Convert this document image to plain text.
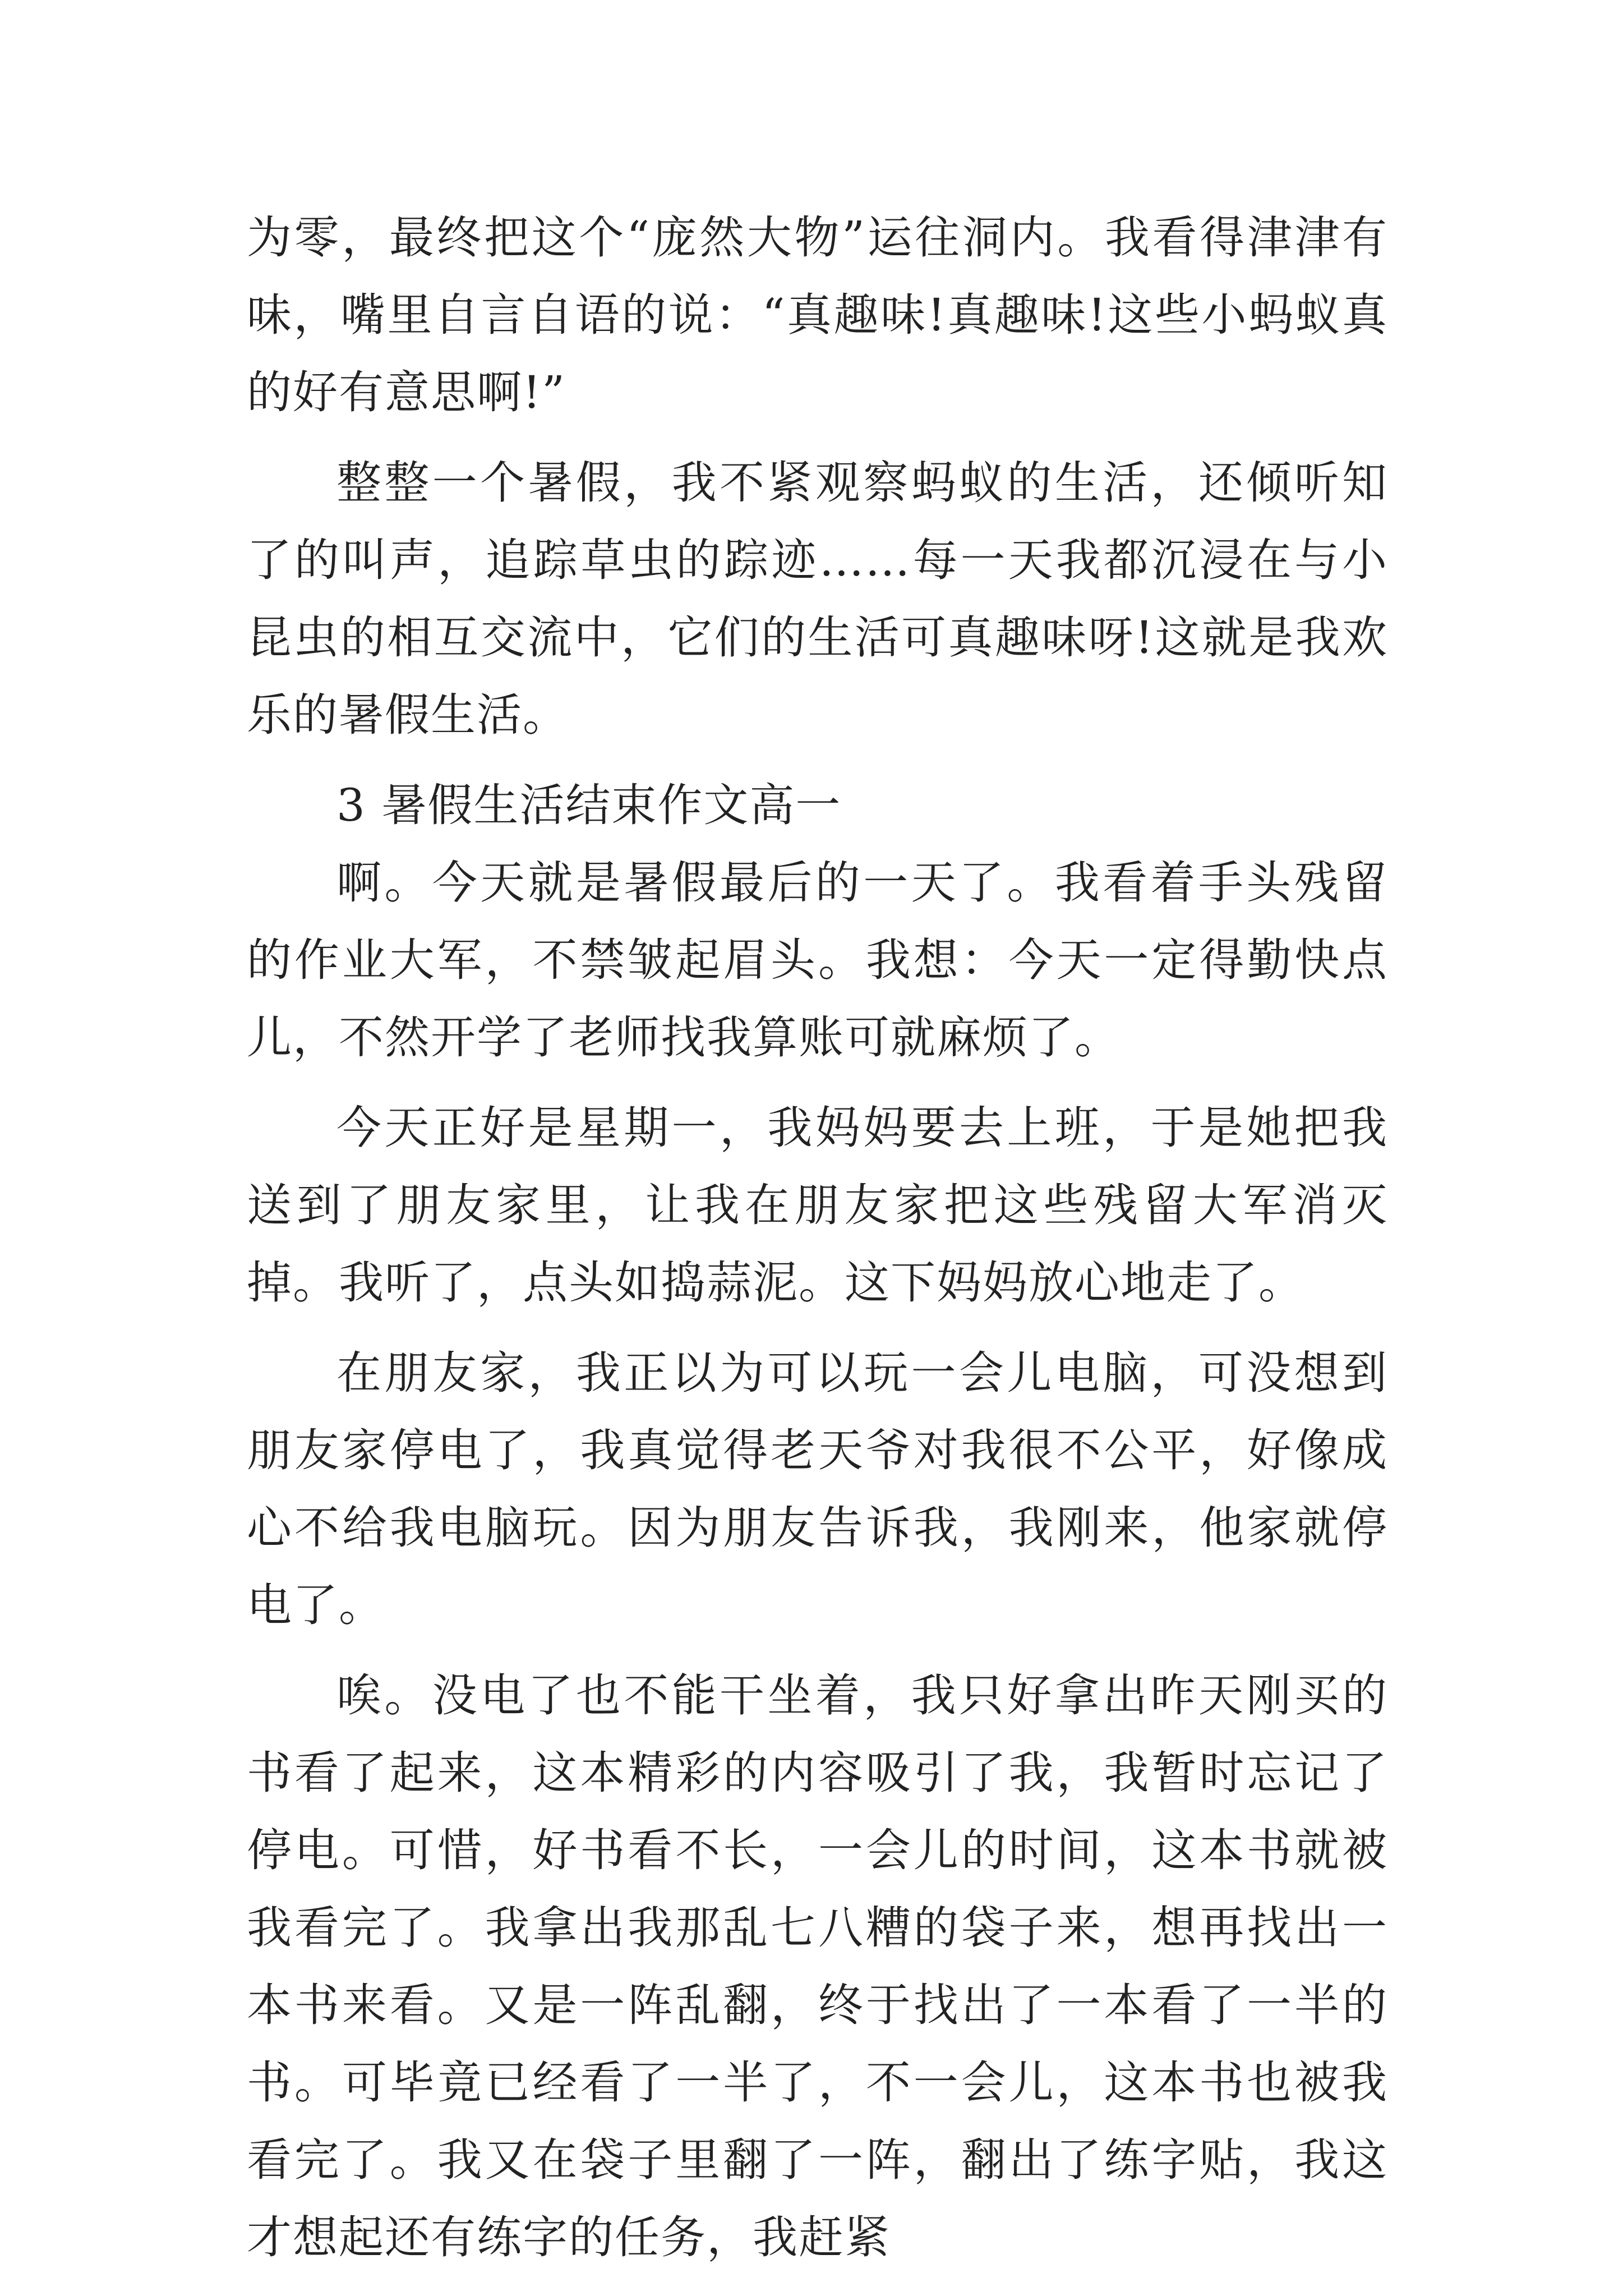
为零，最终把这个“庞然大物”运往洞内。我看得津津有味，嘴里自言自语的说：“真趣味!真趣味!这些小蚂蚁真的好有意思啊!”

整整一个暑假，我不紧观察蚂蚁的生活，还倾听知了的叫声，追踪草虫的踪迹……每一天我都沉浸在与小昆虫的相互交流中，它们的生活可真趣味呀!这就是我欢乐的暑假生活。

3 暑假生活结束作文高一

啊。今天就是暑假最后的一天了。我看着手头残留的作业大军，不禁皱起眉头。我想：今天一定得勤快点儿，不然开学了老师找我算账可就麻烦了。

今天正好是星期一，我妈妈要去上班，于是她把我送到了朋友家里，让我在朋友家把这些残留大军消灭掉。我听了，点头如捣蒜泥。这下妈妈放心地走了。

在朋友家，我正以为可以玩一会儿电脑，可没想到朋友家停电了，我真觉得老天爷对我很不公平，好像成心不给我电脑玩。因为朋友告诉我，我刚来，他家就停电了。

唉。没电了也不能干坐着，我只好拿出昨天刚买的书看了起来，这本精彩的内容吸引了我，我暂时忘记了停电。可惜，好书看不长，一会儿的时间，这本书就被我看完了。我拿出我那乱七八糟的袋子来，想再找出一本书来看。又是一阵乱翻，终于找出了一本看了一半的书。可毕竟已经看了一半了，不一会儿，这本书也被我看完了。我又在袋子里翻了一阵，翻出了练字贴，我这才想起还有练字的任务，我赶紧
